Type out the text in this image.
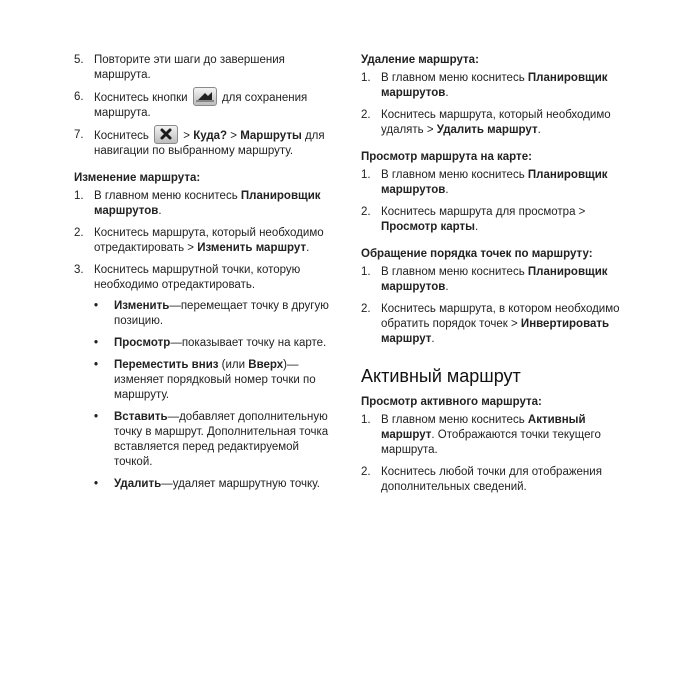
5. Повторите эти шаги до завершения маршрута.
6. Коснитесь кнопки	для сохранения маршрута.
7. Коснитесь	> Куда? > Маршруты для навигации по выбранному маршруту.
Изменение маршрута:
1. В главном меню коснитесь Планировщик маршрутов.
2. Коснитесь маршрута, который необходимо отредактировать > Изменить маршрут.
3. Коснитесь маршрутной точки, которую необходимо отредактировать.
• Изменить—перемещает точку в другую позицию.
• Просмотр—показывает точку на карте.
• Переместить вниз (или Вверх)—изменяет порядковый номер точки по маршруту.
• Вставить—добавляет дополнительную точку в маршрут. Дополнительная точка вставляется перед редактируемой точкой.
• Удалить—удаляет маршрутную точку.
Удаление маршрута:
1. В главном меню коснитесь Планировщик маршрутов.
2. Коснитесь маршрута, который необходимо удалять > Удалить маршрут.
Просмотр маршрута на карте:
1. В главном меню коснитесь Планировщик маршрутов.
2. Коснитесь маршрута для просмотра > Просмотр карты.
Обращение порядка точек по маршруту:
1. В главном меню коснитесь Планировщик маршрутов.
2. Коснитесь маршрута, в котором необходимо обратить порядок точек > Инвертировать маршрут.
Активный маршрут
Просмотр активного маршрута:
1. В главном меню коснитесь Активный маршрут. Отображаются точки текущего маршрута.
2. Коснитесь любой точки для отображения дополнительных сведений.
